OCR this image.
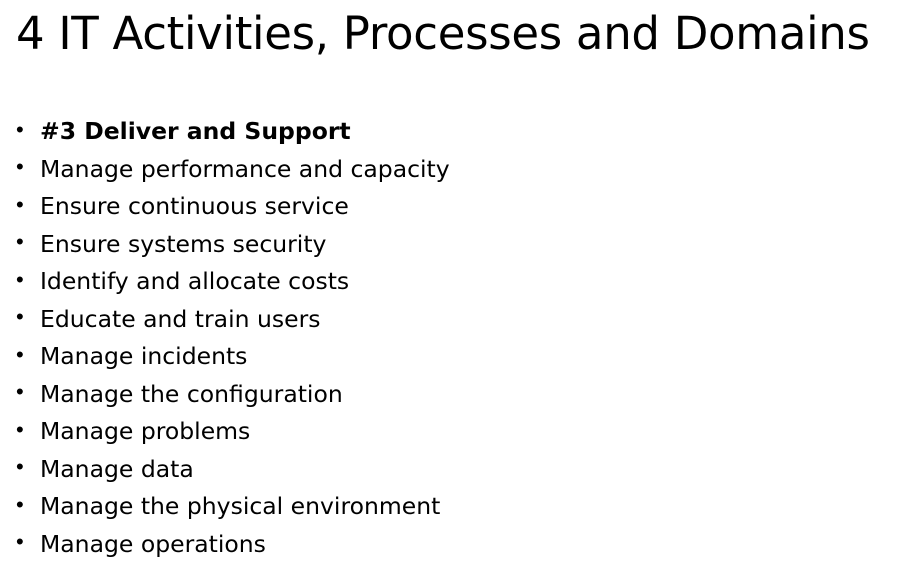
4 IT Activities, Processes and Domains
• #3 Deliver and Support
• Manage performance and capacity
• Ensure continuous service
• Ensure systems security
• Identify and allocate costs
• Educate and train users
• Manage incidents
• Manage the configuration
• Manage problems
• Manage data
• Manage the physical environment
• Manage operations
